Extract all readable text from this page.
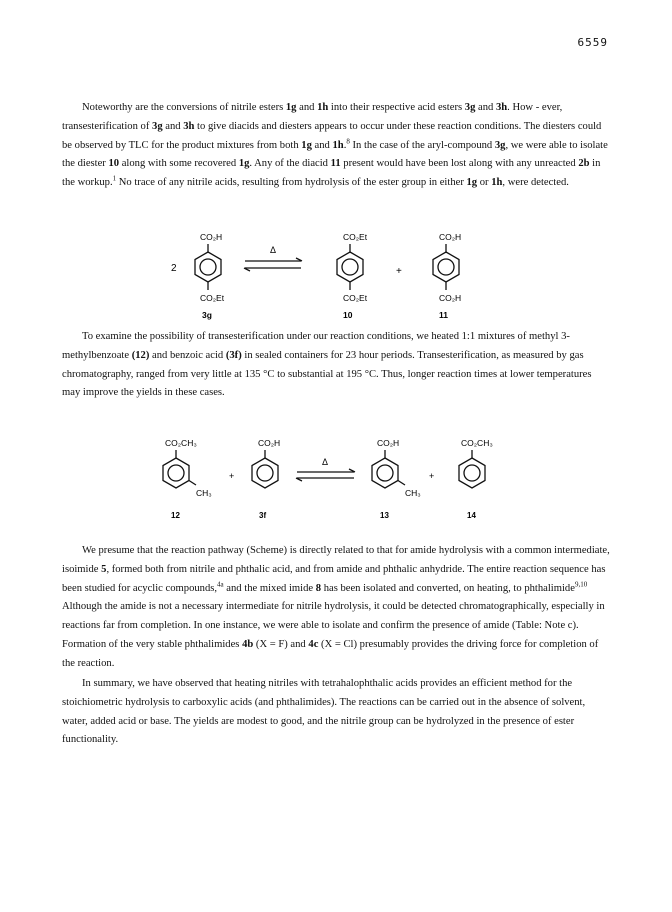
6559

Noteworthy are the conversions of nitrile esters 1g and 1h into their respective acid esters 3g and 3h. How - ever, transesterification of 3g and 3h to give diacids and diesters appears to occur under these reaction conditions. The diesters could be observed by TLC for the product mixtures from both 1g and 1h.$^8$ In the case of the aryl-compound 3g, we were able to isolate the diester 10 along with some recovered 1g. Any of the diacid 11 present would have been lost along with any unreacted 2b in the workup.$^1$ No trace of any nitrile acids, resulting from hydrolysis of the ester group in either 1g or 1h, were detected.

CO₂H
CO₂Et
3g
2
Δ
CO₂Et
CO₂Et
10
+
CO₂H
CO₂H
11

To examine the possibility of transesterification under our reaction conditions, we heated 1:1 mixtures of methyl 3-methylbenzoate (12) and benzoic acid (3f) in sealed containers for 23 hour periods. Transesterification, as measured by gas chromatography, ranged from very little at 135 °C to substantial at 195 °C. Thus, longer reaction times at lower temperatures may improve the yields in these cases.

CO₂CH₃
CH₃
12
+
CO₂H
3f
Δ
CO₂H
CH₃
13
+
CO₂CH₃
14

We presume that the reaction pathway (Scheme) is directly related to that for amide hydrolysis with a common intermediate, isoimide 5, formed both from nitrile and phthalic acid, and from amide and phthalic anhydride. The entire reaction sequence has been studied for acyclic compounds,$^{4a}$ and the mixed imide 8 has been isolated and converted, on heating, to phthalimide$^{9,10}$ Although the amide is not a necessary intermediate for nitrile hydrolysis, it could be detected chromatographically, especially in reactions far from completion. In one instance, we were able to isolate and confirm the presence of amide (Table: Note c). Formation of the very stable phthalimides 4b (X = F) and 4c (X = Cl) presumably provides the driving force for completion of the reaction.

In summary, we have observed that heating nitriles with tetrahalophthalic acids provides an efficient method for the stoichiometric hydrolysis to carboxylic acids (and phthalimides). The reactions can be carried out in the absence of solvent, water, added acid or base. The yields are modest to good, and the nitrile group can be hydrolyzed in the presence of ester functionality.
